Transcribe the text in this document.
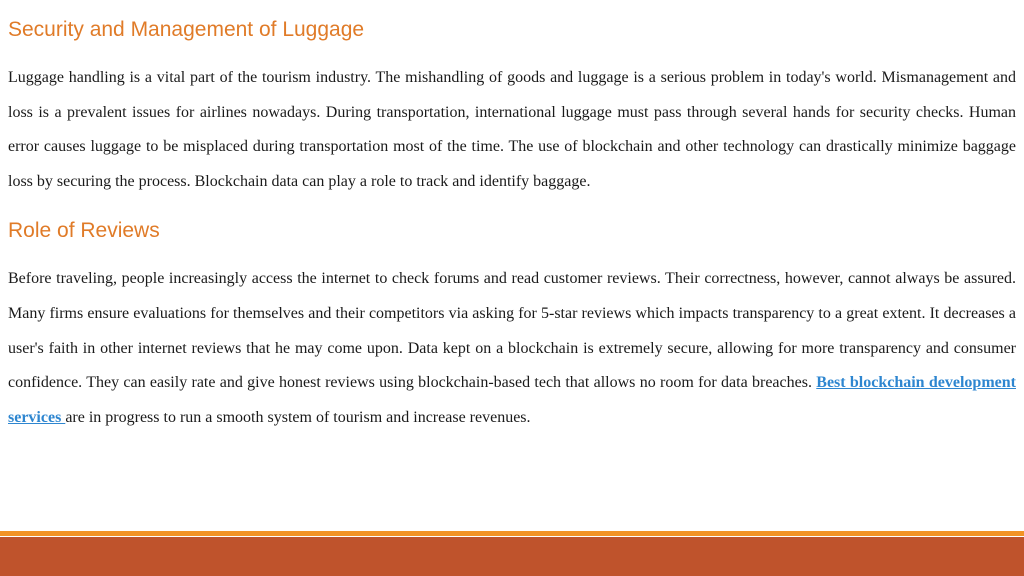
Security and Management of Luggage

Luggage handling is a vital part of the tourism industry. The mishandling of goods and luggage is a serious problem in today's world. Mismanagement and loss is a prevalent issues for airlines nowadays. During transportation, international luggage must pass through several hands for security checks. Human error causes luggage to be misplaced during transportation most of the time. The use of blockchain and other technology can drastically minimize baggage loss by securing the process. Blockchain data can play a role to track and identify baggage.

Role of Reviews

Before traveling, people increasingly access the internet to check forums and read customer reviews. Their correctness, however, cannot always be assured. Many firms ensure evaluations for themselves and their competitors via asking for 5-star reviews which impacts transparency to a great extent. It decreases a user's faith in other internet reviews that he may come upon. Data kept on a blockchain is extremely secure, allowing for more transparency and consumer confidence. They can easily rate and give honest reviews using blockchain-based tech that allows no room for data breaches. Best blockchain development services are in progress to run a smooth system of tourism and increase revenues.
